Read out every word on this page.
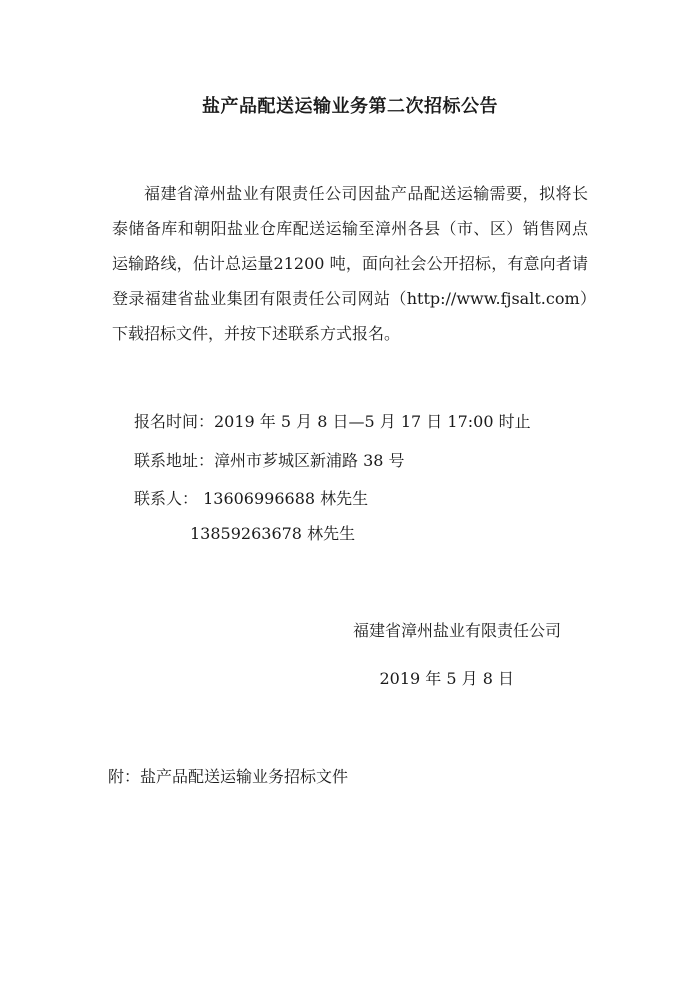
盐产品配送运输业务第二次招标公告
福建省漳州盐业有限责任公司因盐产品配送运输需要，拟将长泰储备库和朝阳盐业仓库配送运输至漳州各县（市、区）销售网点运输路线，估计总运量21200 吨，面向社会公开招标，有意向者请登录福建省盐业集团有限责任公司网站（http://www.fjsalt.com）下载招标文件，并按下述联系方式报名。
报名时间：2019 年 5 月 8 日—5 月 17 日 17:00 时止
联系地址：漳州市芗城区新浦路 38 号
联系人： 13606996688 林先生
13859263678 林先生
福建省漳州盐业有限责任公司
2019 年 5 月 8 日
附：盐产品配送运输业务招标文件
